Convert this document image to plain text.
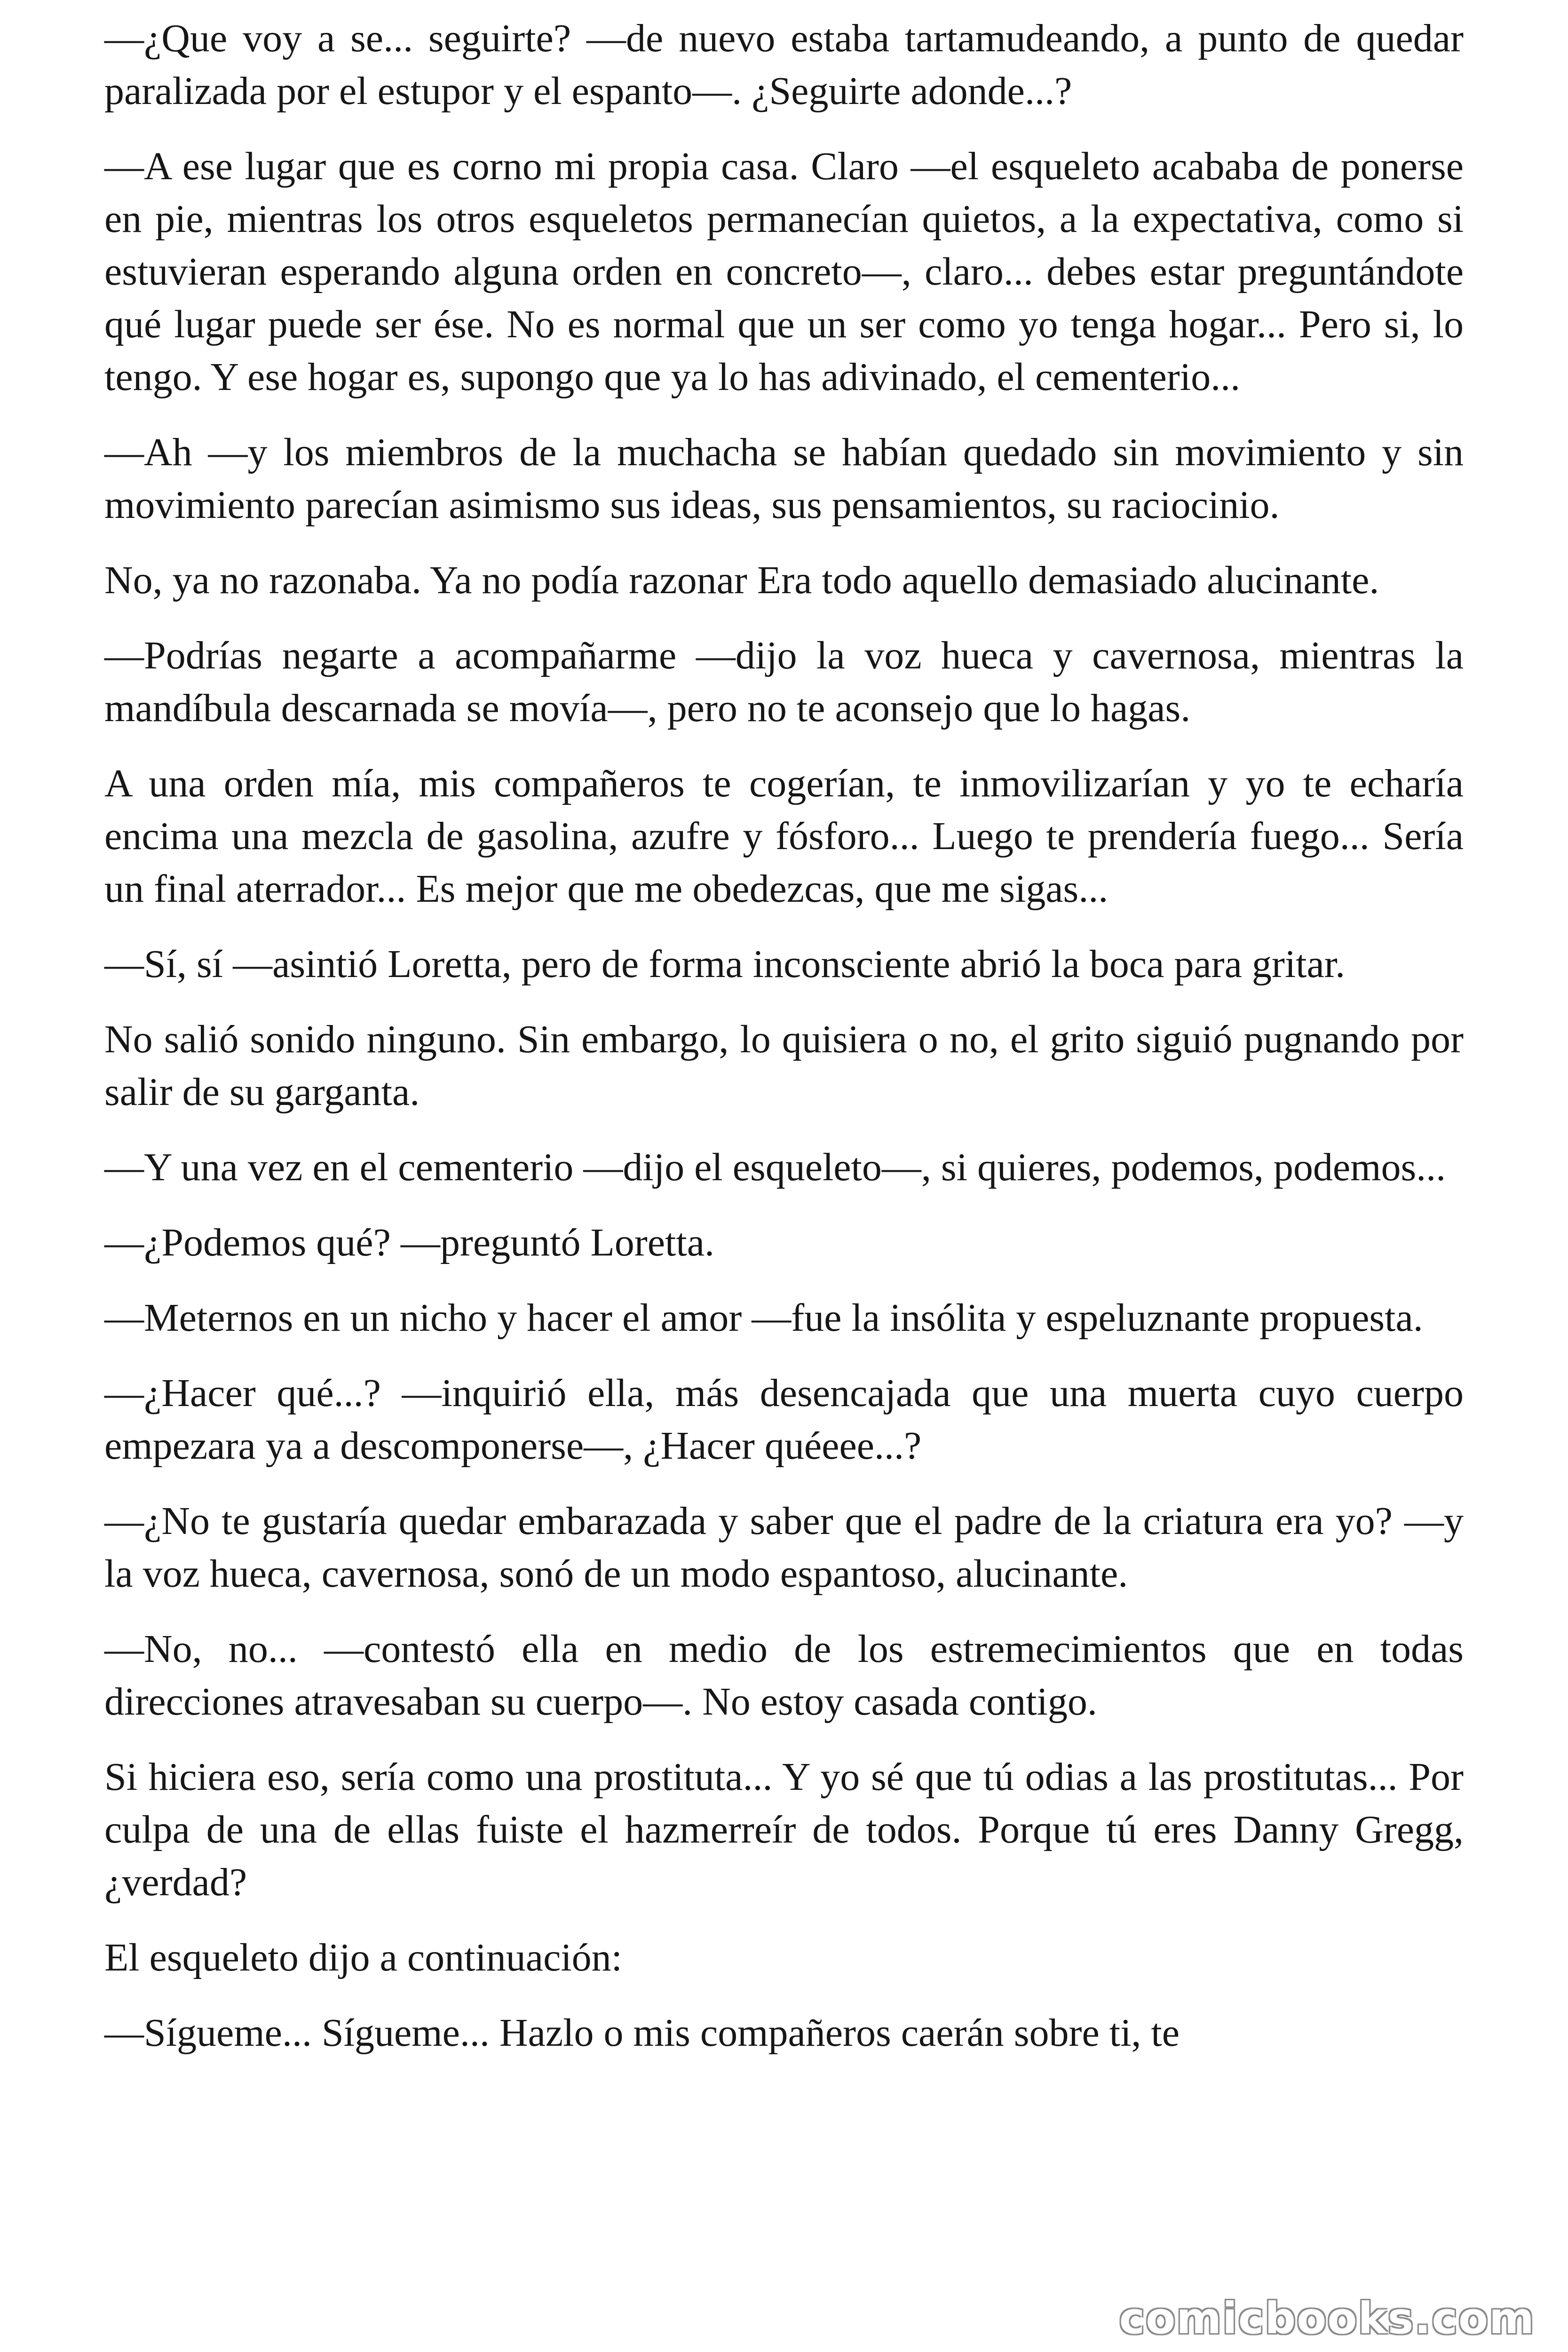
—¿Que voy a se... seguirte? —de nuevo estaba tartamudeando, a punto de quedar paralizada por el estupor y el espanto—. ¿Seguirte adonde...?

—A ese lugar que es corno mi propia casa. Claro —el esqueleto acababa de ponerse en pie, mientras los otros esqueletos permanecían quietos, a la expectativa, como si estuvieran esperando alguna orden en concreto—, claro... debes estar preguntándote qué lugar puede ser ése. No es normal que un ser como yo tenga hogar... Pero si, lo tengo. Y ese hogar es, supongo que ya lo has adivinado, el cementerio...

—Ah —y los miembros de la muchacha se habían quedado sin movimiento y sin movimiento parecían asimismo sus ideas, sus pensamientos, su raciocinio.

No, ya no razonaba. Ya no podía razonar Era todo aquello demasiado alucinante.

—Podrías negarte a acompañarme —dijo la voz hueca y cavernosa, mientras la mandíbula descarnada se movía—, pero no te aconsejo que lo hagas.

A una orden mía, mis compañeros te cogerían, te inmovilizarían y yo te echaría encima una mezcla de gasolina, azufre y fósforo... Luego te prendería fuego... Sería un final aterrador... Es mejor que me obedezcas, que me sigas...

—Sí, sí —asintió Loretta, pero de forma inconsciente abrió la boca para gritar.

No salió sonido ninguno. Sin embargo, lo quisiera o no, el grito siguió pugnando por salir de su garganta.

—Y una vez en el cementerio —dijo el esqueleto—, si quieres, podemos, podemos...

—¿Podemos qué? —preguntó Loretta.

—Meternos en un nicho y hacer el amor —fue la insólita y espeluznante propuesta.

—¿Hacer qué...? —inquirió ella, más desencajada que una muerta cuyo cuerpo empezara ya a descomponerse—, ¿Hacer quéeee...?

—¿No te gustaría quedar embarazada y saber que el padre de la criatura era yo? —y la voz hueca, cavernosa, sonó de un modo espantoso, alucinante.

—No, no... —contestó ella en medio de los estremecimientos que en todas direcciones atravesaban su cuerpo—. No estoy casada contigo.

Si hiciera eso, sería como una prostituta... Y yo sé que tú odias a las prostitutas... Por culpa de una de ellas fuiste el hazmerreír de todos. Porque tú eres Danny Gregg, ¿verdad?

El esqueleto dijo a continuación:

—Sígueme... Sígueme... Hazlo o mis compañeros caerán sobre ti, te

comicbooks.com
